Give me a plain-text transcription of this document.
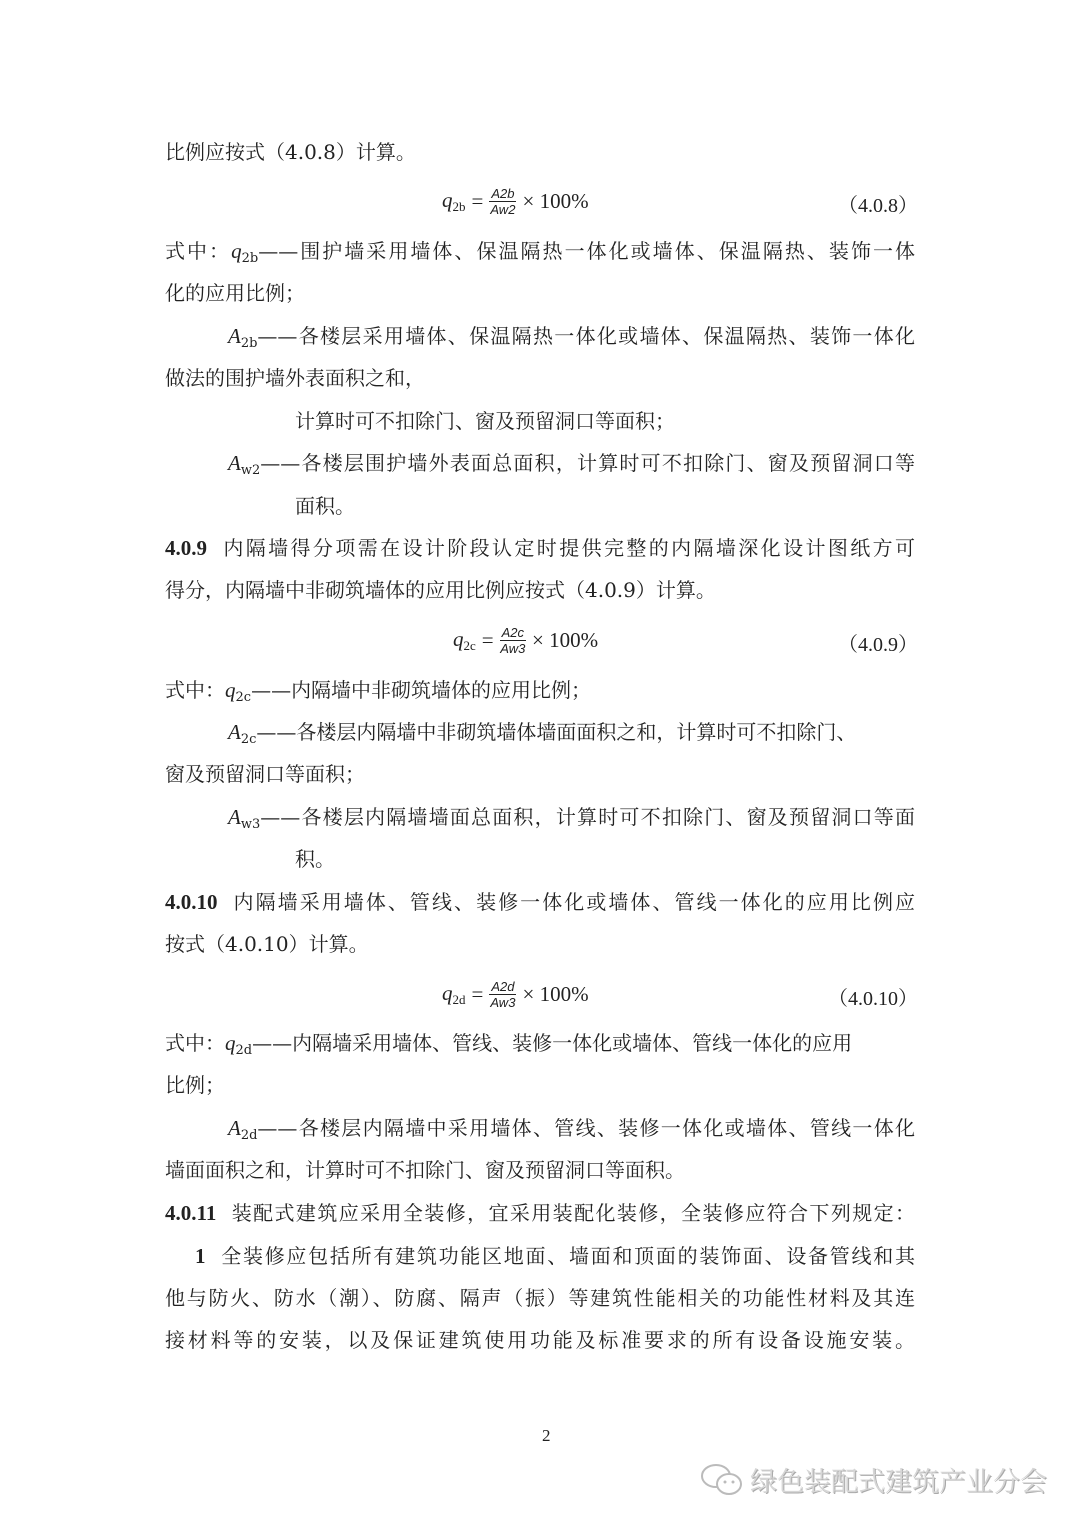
2
绿色装配式建筑产业分会
比例应按式（4.0.8）计算。
式中：$q_{2b}——$围护墙采用墙体、保温隔热一体化或墙体、保温隔热、装饰一体
化的应用比例；
$A_{2b}——$各楼层采用墙体、保温隔热一体化或墙体、保温隔热、装饰一体化
做法的围护墙外表面积之和，
计算时可不扣除门、窗及预留洞口等面积；
$A_{w2}——$各楼层围护墙外表面总面积，计算时可不扣除门、窗及预留洞口等
面积。
4.0.9 内隔墙得分项需在设计阶段认定时提供完整的内隔墙深化设计图纸方可
得分，内隔墙中非砌筑墙体的应用比例应按式（4.0.9）计算。
式中：$q_{2c}——$内隔墙中非砌筑墙体的应用比例；
$A_{2c}——$各楼层内隔墙中非砌筑墙体墙面面积之和，计算时可不扣除门、
窗及预留洞口等面积；
$A_{w3}——$各楼层内隔墙墙面总面积，计算时可不扣除门、窗及预留洞口等面
积。
4.0.10 内隔墙采用墙体、管线、装修一体化或墙体、管线一体化的应用比例应
按式（4.0.10）计算。
式中：$q_{2d}——$内隔墙采用墙体、管线、装修一体化或墙体、管线一体化的应用
比例；
$A_{2d}——$各楼层内隔墙中采用墙体、管线、装修一体化或墙体、管线一体化
墙面面积之和，计算时可不扣除门、窗及预留洞口等面积。
4.0.11 装配式建筑应采用全装修，宜采用装配化装修，全装修应符合下列规定：
1 全装修应包括所有建筑功能区地面、墙面和顶面的装饰面、设备管线和其
他与防火、防水（潮）、防腐、隔声（振）等建筑性能相关的功能性材料及其连
接材料等的安装，以及保证建筑使用功能及标准要求的所有设备设施安装。
$q_{2b} = \frac{A2b}{Aw2} \times 100\%$	（4.0.8）
$q_{2c} = \frac{A2c}{Aw3} \times 100\%$	（4.0.9）
$q_{2d} = \frac{A2d}{Aw3} \times 100\%$	（4.0.10）
